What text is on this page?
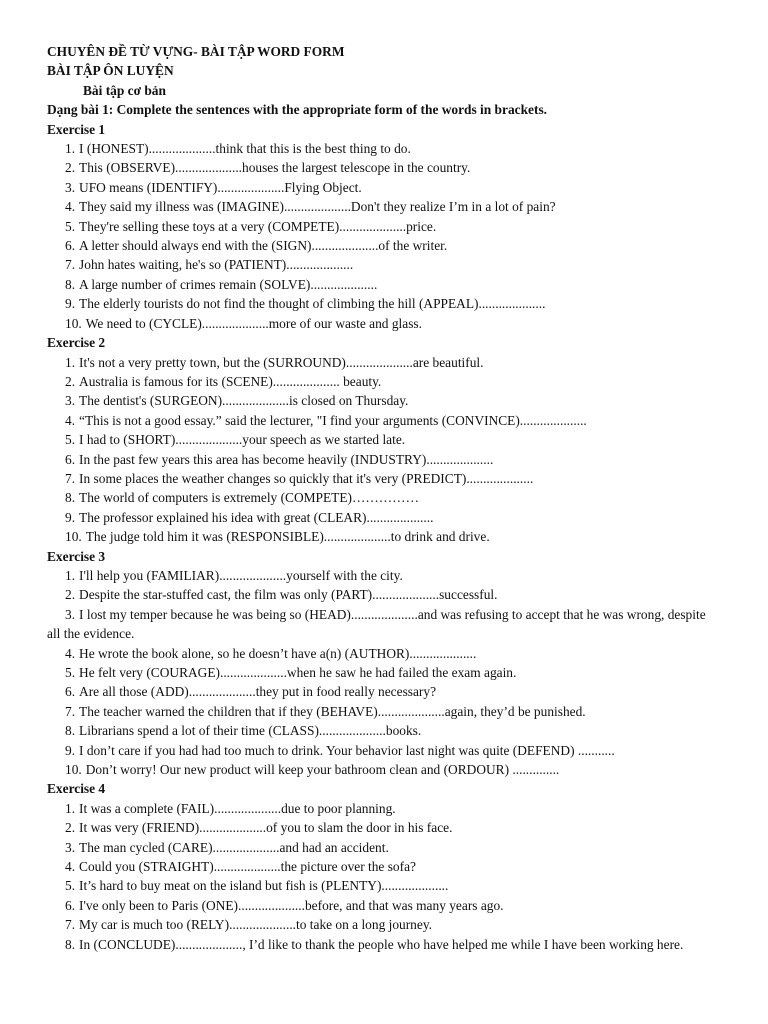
CHUYÊN ĐỀ TỪ VỰNG- BÀI TẬP WORD FORM
BÀI TẬP ÔN LUYỆN
Bài tập cơ bản
Dạng bài 1: Complete the sentences with the appropriate form of the words in brackets.
Exercise 1
1. I (HONEST)....................think that this is the best thing to do.
2. This (OBSERVE)....................houses the largest telescope in the country.
3. UFO means (IDENTIFY)....................Flying Object.
4. They said my illness was (IMAGINE)....................Don't they realize I’m in a lot of pain?
5. They're selling these toys at a very (COMPETE)....................price.
6. A letter should always end with the (SIGN)....................of the writer.
7. John hates waiting, he's so (PATIENT)....................
8. A large number of crimes remain (SOLVE)....................
9. The elderly tourists do not find the thought of climbing the hill (APPEAL)....................
10. We need to (CYCLE)....................more of our waste and glass.
Exercise 2
1. It's not a very pretty town, but the (SURROUND)....................are beautiful.
2. Australia is famous for its (SCENE).................... beauty.
3. The dentist's (SURGEON)....................is closed on Thursday.
4. “This is not a good essay.” said the lecturer, "I find your arguments (CONVINCE)....................
5. I had to (SHORT)....................your speech as we started late.
6. In the past few years this area has become heavily (INDUSTRY)....................
7. In some places the weather changes so quickly that it's very (PREDICT)....................
8. The world of computers is extremely (COMPETE)……………
9. The professor explained his idea with great (CLEAR)....................
10. The judge told him it was (RESPONSIBLE)....................to drink and drive.
Exercise 3
1. I'll help you (FAMILIAR)....................yourself with the city.
2. Despite the star-stuffed cast, the film was only (PART)....................successful.
3. I lost my temper because he was being so (HEAD)....................and was refusing to accept that he was wrong, despite all the evidence.
4. He wrote the book alone, so he doesn’t have a(n) (AUTHOR)....................
5. He felt very (COURAGE)....................when he saw he had failed the exam again.
6. Are all those (ADD)....................they put in food really necessary?
7. The teacher warned the children that if they (BEHAVE)....................again, they’d be punished.
8. Librarians spend a lot of their time (CLASS)....................books.
9. I don’t care if you had had too much to drink. Your behavior last night was quite (DEFEND) ...........
10. Don’t worry! Our new product will keep your bathroom clean and (ORDOUR) ..............
Exercise 4
1. It was a complete (FAIL)....................due to poor planning.
2. It was very (FRIEND)....................of you to slam the door in his face.
3. The man cycled (CARE)....................and had an accident.
4. Could you (STRAIGHT)....................the picture over the sofa?
5. It’s hard to buy meat on the island but fish is (PLENTY)....................
6. I've only been to Paris (ONE)....................before, and that was many years ago.
7. My car is much too (RELY)....................to take on a long journey.
8. In (CONCLUDE)...................., I’d like to thank the people who have helped me while I have been working here.
